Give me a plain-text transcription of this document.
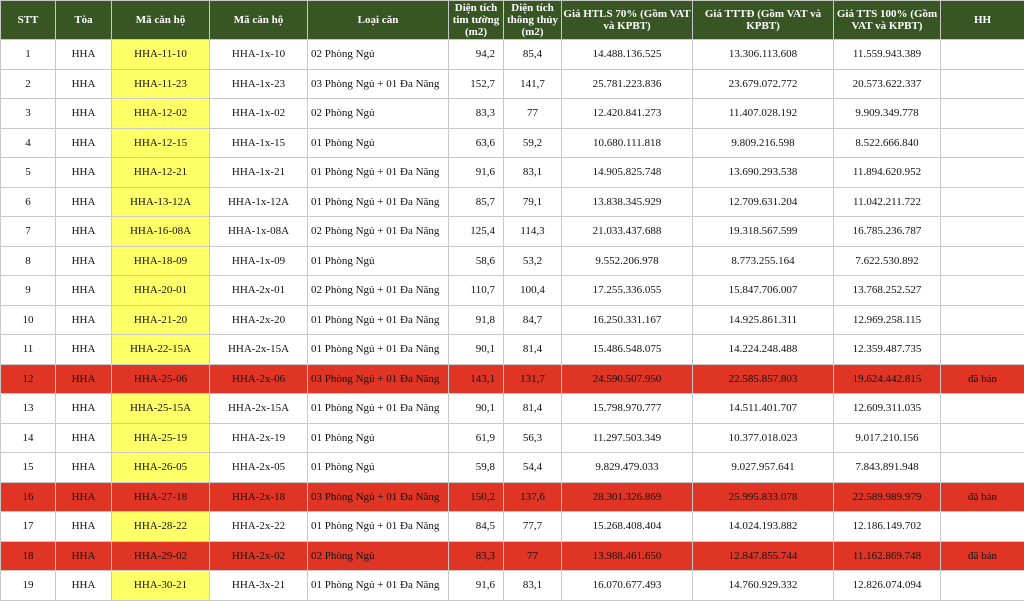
STT	Tòa	Mã căn hộ	Mã căn hộ	Loại căn	Diện tích tim tường (m2)	Diện tích thông thủy (m2)	Giá HTLS 70% (Gồm VAT và KPBT)	Giá TTTĐ (Gồm VAT và KPBT)	Giá TTS 100% (Gồm VAT và KPBT)	HH
1	HHA	HHA-11-10	HHA-1x-10	02 Phòng Ngủ	94,2	85,4	14.488.136.525	13.306.113.608	11.559.943.389	
2	HHA	HHA-11-23	HHA-1x-23	03 Phòng Ngủ + 01 Đa Năng	152,7	141,7	25.781.223.836	23.679.072.772	20.573.622.337	
3	HHA	HHA-12-02	HHA-1x-02	02 Phòng Ngủ	83,3	77	12.420.841.273	11.407.028.192	9.909.349.778	
4	HHA	HHA-12-15	HHA-1x-15	01 Phòng Ngủ	63,6	59,2	10.680.111.818	9.809.216.598	8.522.666.840	
5	HHA	HHA-12-21	HHA-1x-21	01 Phòng Ngủ + 01 Đa Năng	91,6	83,1	14.905.825.748	13.690.293.538	11.894.620.952	
6	HHA	HHA-13-12A	HHA-1x-12A	01 Phòng Ngủ + 01 Đa Năng	85,7	79,1	13.838.345.929	12.709.631.204	11.042.211.722	
7	HHA	HHA-16-08A	HHA-1x-08A	02 Phòng Ngủ + 01 Đa Năng	125,4	114,3	21.033.437.688	19.318.567.599	16.785.236.787	
8	HHA	HHA-18-09	HHA-1x-09	01 Phòng Ngủ	58,6	53,2	9.552.206.978	8.773.255.164	7.622.530.892	
9	HHA	HHA-20-01	HHA-2x-01	02 Phòng Ngủ + 01 Đa Năng	110,7	100,4	17.255.336.055	15.847.706.007	13.768.252.527	
10	HHA	HHA-21-20	HHA-2x-20	01 Phòng Ngủ + 01 Đa Năng	91,8	84,7	16.250.331.167	14.925.861.311	12.969.258.115	
11	HHA	HHA-22-15A	HHA-2x-15A	01 Phòng Ngủ + 01 Đa Năng	90,1	81,4	15.486.548.075	14.224.248.488	12.359.487.735	
12	HHA	HHA-25-06	HHA-2x-06	03 Phòng Ngủ + 01 Đa Năng	143,1	131,7	24.590.507.950	22.585.857.803	19.624.442.815	đã bán
13	HHA	HHA-25-15A	HHA-2x-15A	01 Phòng Ngủ + 01 Đa Năng	90,1	81,4	15.798.970.777	14.511.401.707	12.609.311.035	
14	HHA	HHA-25-19	HHA-2x-19	01 Phòng Ngủ	61,9	56,3	11.297.503.349	10.377.018.023	9.017.210.156	
15	HHA	HHA-26-05	HHA-2x-05	01 Phòng Ngủ	59,8	54,4	9.829.479.033	9.027.957.641	7.843.891.948	
16	HHA	HHA-27-18	HHA-2x-18	03 Phòng Ngủ + 01 Đa Năng	150,2	137,6	28.301.326.869	25.995.833.078	22.589.989.979	đã bán
17	HHA	HHA-28-22	HHA-2x-22	01 Phòng Ngủ + 01 Đa Năng	84,5	77,7	15.268.408.404	14.024.193.882	12.186.149.702	
18	HHA	HHA-29-02	HHA-2x-02	02 Phòng Ngủ	83,3	77	13.988.461.650	12.847.855.744	11.162.869.748	đã bán
19	HHA	HHA-30-21	HHA-3x-21	01 Phòng Ngủ + 01 Đa Năng	91,6	83,1	16.070.677.493	14.760.929.332	12.826.074.094	
